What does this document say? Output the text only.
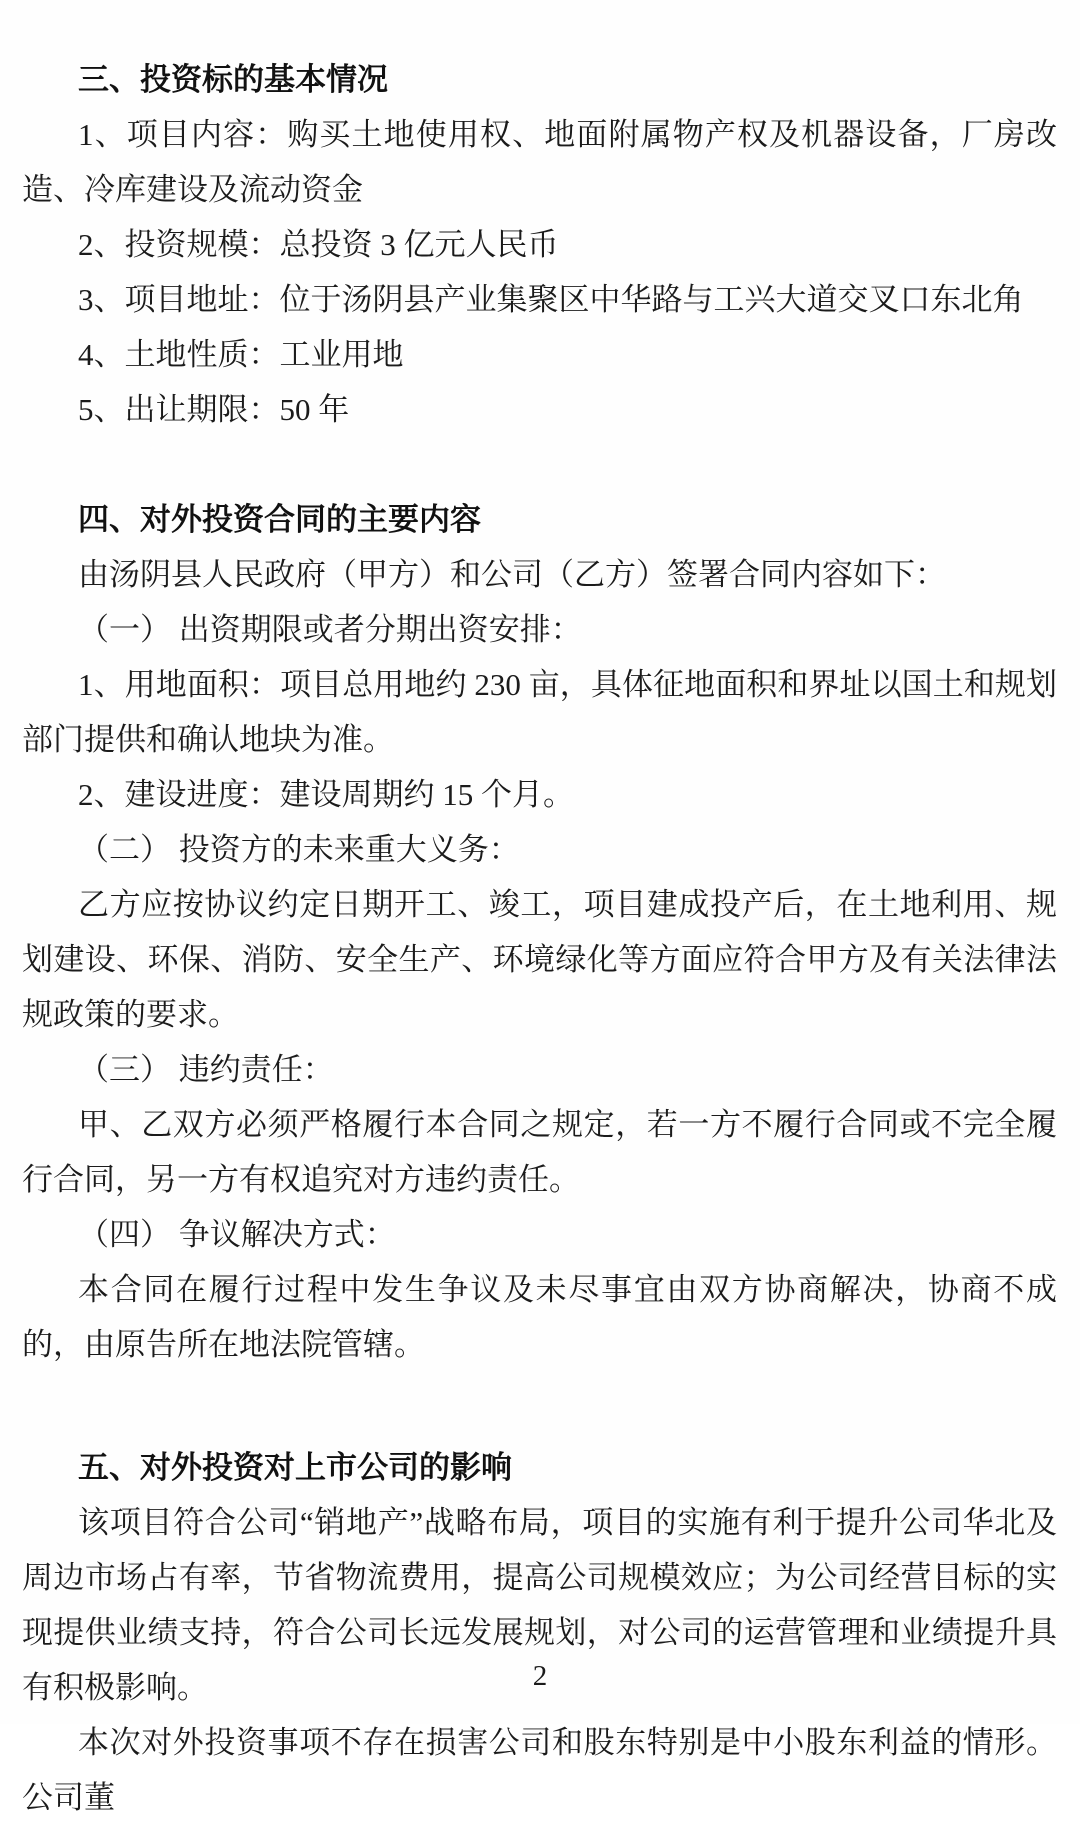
三、投资标的基本情况

1、项目内容：购买土地使用权、地面附属物产权及机器设备，厂房改造、冷库建设及流动资金

2、投资规模：总投资 3 亿元人民币

3、项目地址：位于汤阴县产业集聚区中华路与工兴大道交叉口东北角

4、土地性质：工业用地

5、出让期限：50 年

四、对外投资合同的主要内容

由汤阴县人民政府（甲方）和公司（乙方）签署合同内容如下：

（一） 出资期限或者分期出资安排：

1、用地面积：项目总用地约 230 亩，具体征地面积和界址以国土和规划部门提供和确认地块为准。

2、建设进度：建设周期约 15 个月。

（二） 投资方的未来重大义务：

乙方应按协议约定日期开工、竣工，项目建成投产后，在土地利用、规划建设、环保、消防、安全生产、环境绿化等方面应符合甲方及有关法律法规政策的要求。

（三） 违约责任：

甲、乙双方必须严格履行本合同之规定，若一方不履行合同或不完全履行合同，另一方有权追究对方违约责任。

（四） 争议解决方式：

本合同在履行过程中发生争议及未尽事宜由双方协商解决，协商不成的，由原告所在地法院管辖。

五、对外投资对上市公司的影响

该项目符合公司“销地产”战略布局，项目的实施有利于提升公司华北及周边市场占有率，节省物流费用，提高公司规模效应；为公司经营目标的实现提供业绩支持，符合公司长远发展规划，对公司的运营管理和业绩提升具有积极影响。

本次对外投资事项不存在损害公司和股东特别是中小股东利益的情形。公司董

2
